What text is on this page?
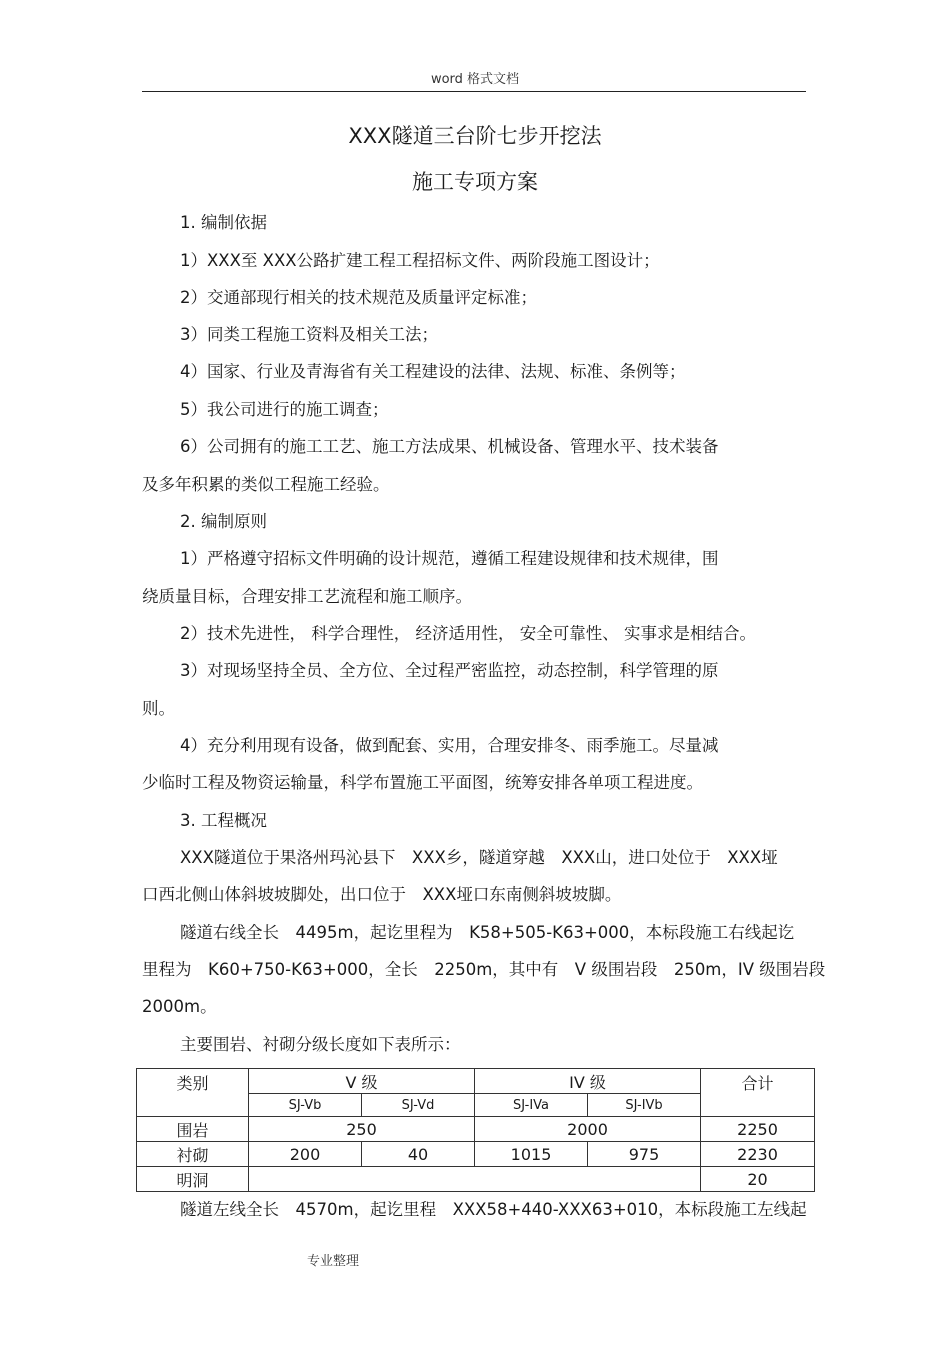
word 格式文档
XXX隧道三台阶七步开挖法
施工专项方案
1. 编制依据
1）XXX至 XXX公路扩建工程工程招标文件、两阶段施工图设计；
2）交通部现行相关的技术规范及质量评定标准；
3）同类工程施工资料及相关工法；
4）国家、行业及青海省有关工程建设的法律、法规、标准、条例等；
5）我公司进行的施工调查；
6）公司拥有的施工工艺、施工方法成果、机械设备、管理水平、技术装备
及多年积累的类似工程施工经验。
2. 编制原则
1）严格遵守招标文件明确的设计规范，遵循工程建设规律和技术规律，围
绕质量目标，合理安排工艺流程和施工顺序。
2）技术先进性， 科学合理性， 经济适用性， 安全可靠性、 实事求是相结合。
3）对现场坚持全员、全方位、全过程严密监控，动态控制，科学管理的原
则。
4）充分利用现有设备，做到配套、实用，合理安排冬、雨季施工。尽量减
少临时工程及物资运输量，科学布置施工平面图，统筹安排各单项工程进度。
3. 工程概况
XXX隧道位于果洛州玛沁县下　XXX乡，隧道穿越　XXX山，进口处位于　XXX垭
口西北侧山体斜坡坡脚处，出口位于　XXX垭口东南侧斜坡坡脚。
隧道右线全长　4495m，起讫里程为　K58+505-K63+000，本标段施工右线起讫
里程为　K60+750-K63+000，全长　2250m，其中有　V 级围岩段　250m，IV 级围岩段
2000m。
主要围岩、衬砌分级长度如下表所示：
类别	V 级		IV 级		合计
	SJ-Vb	SJ-Vd	SJ-IVa	SJ-IVb	
围岩	250		2000		2250
衬砌	200	40	1015	975	2230
明洞					20
隧道左线全长　4570m，起讫里程　XXX58+440-XXX63+010，本标段施工左线起
专业整理
